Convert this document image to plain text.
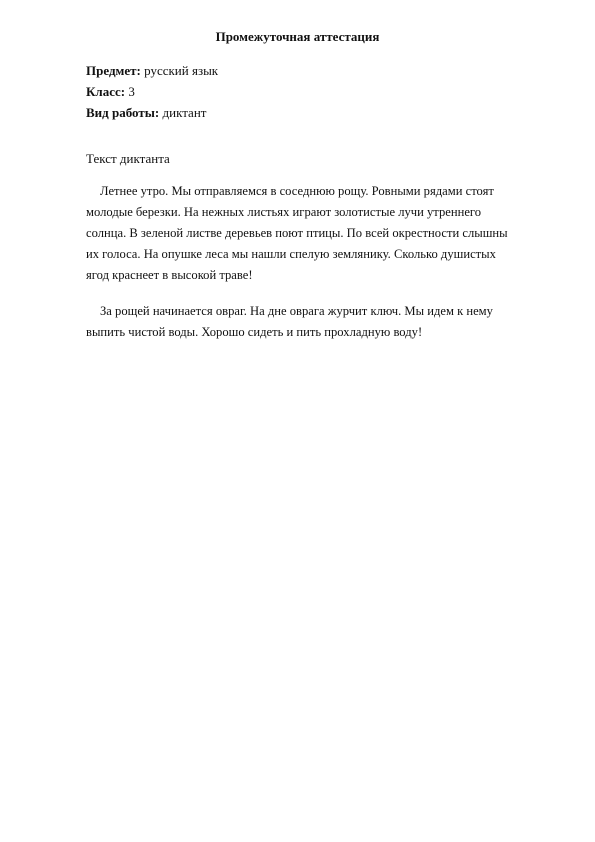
Промежуточная аттестация
Предмет: русский язык
Класс: 3
Вид работы: диктант
Текст диктанта

Летнее утро. Мы отправляемся в соседнюю рощу. Ровными рядами стоят молодые березки. На нежных листьях играют золотистые лучи утреннего солнца. В зеленой листве деревьев поют птицы. По всей окрестности слышны их голоса. На опушке леса мы нашли спелую землянику. Сколько душистых ягод краснеет в высокой траве!

За рощей начинается овраг. На дне оврага журчит ключ. Мы идем к нему выпить чистой воды. Хорошо сидеть и пить прохладную воду!
